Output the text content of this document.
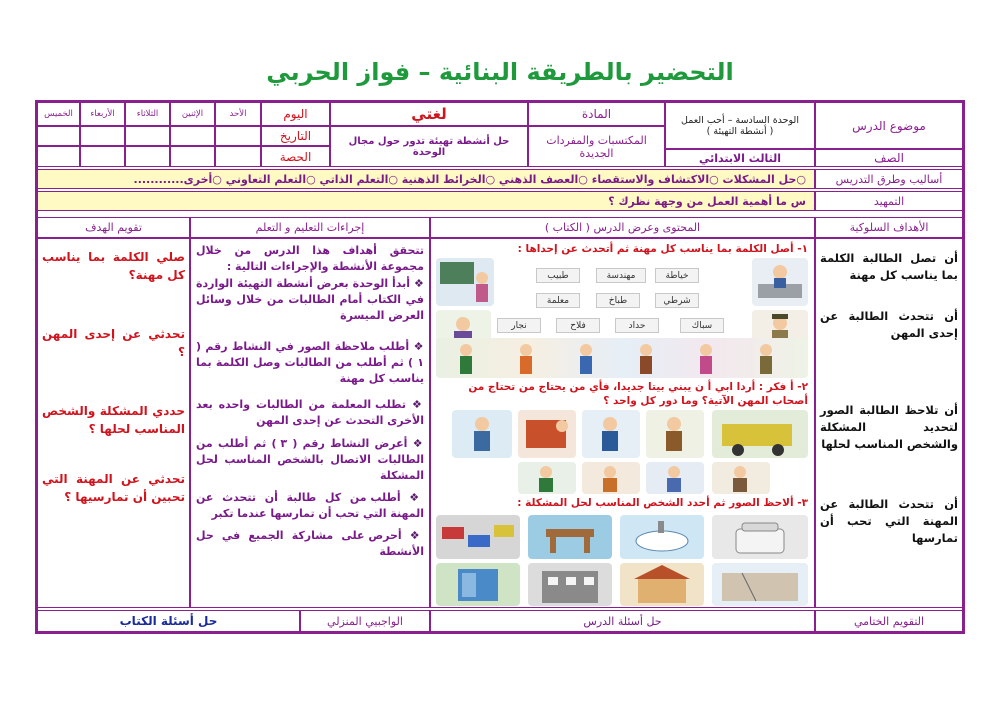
التحضير بالطريقة البنائية – فواز الحربي
موضوع الدرس
الوحدة السادسة – أحب العمل
( أنشطة التهيئة )
المادة
لغتي
اليوم
الأحد
الإثنين
الثلاثاء
الأربعاء
الخميس
المكتسبات والمفردات الجديدة
حل أنشطة تهيئة تدور حول مجال الوحدة
التاريخ
الحصة	الصف
الثالث الابتدائي
أساليب وطرق التدريس
○حل المشكلات ○الاكتشاف والاستقصاء ○العصف الذهني ○الخرائط الذهنية ○التعلم الذاتي ○التعلم التعاوني ○أخرى............
التمهيد
س ما أهمية العمل من وجهة نظرك ؟
الأهداف السلوكية
المحتوى وعرض الدرس ( الكتاب )
إجراءات التعليم و التعلم
تقويم الهدف
أن تصل الطالبة الكلمة بما يناسب كل مهنة
أن تتحدث الطالبة عن إحدى المهن
أن تلاحظ الطالبة الصور لتحديد المشكلة والشخص المناسب لحلها
أن تتحدث الطالبة عن المهنة التي تحب أن تمارسها
١- أصل الكلمة بما يناسب كل مهنة ثم أتحدث عن إحداها :
خياطة
مهندسة
طبيب
شرطي
طباخ
معلمة
سباك
حداد
فلاح
نجار
٢- أ فكر : أردا ابي أ ن يبني بيتا جديدا، فأي من يحتاج من تحتاج من أصحاب المهن الآتية؟ وما دور كل واحد ؟
٣- ألاحظ الصور ثم أحدد الشخص المناسب لحل المشكلة :
تتحقق أهداف هذا الدرس من خلال مجموعة الأنشطة والإجراءات التالية :
❖ أبدأ الوحدة بعرض أنشطة التهيئة الواردة في الكتاب أمام الطالبات من خلال وسائل العرض الميسرة
❖ أطلب ملاحظة الصور في النشاط رقم ( ١ ) ثم أطلب من الطالبات وصل الكلمة بما يناسب كل مهنة
❖ تطلب المعلمة من الطالبات واحده بعد الأخرى التحدث عن إحدى المهن
❖ أعرض النشاط رقم ( ٣ ) ثم أطلب من الطالبات الاتصال بالشخص المناسب لحل المشكلة
❖ أطلب من كل طالبة أن تتحدث عن المهنة التي تحب أن تمارسها عندما تكبر
❖ أحرص على مشاركة الجميع في حل الأنشطة
صلي الكلمة بما يناسب كل مهنة؟
تحدثي عن إحدى المهن ؟
حددي المشكلة والشخص المناسب لحلها ؟
تحدثي عن المهنة التي تحبين أن تمارسيها ؟
التقويم الختامي
حل أسئلة الدرس
الواجبيي المنزلي
حل أسئلة الكتاب
